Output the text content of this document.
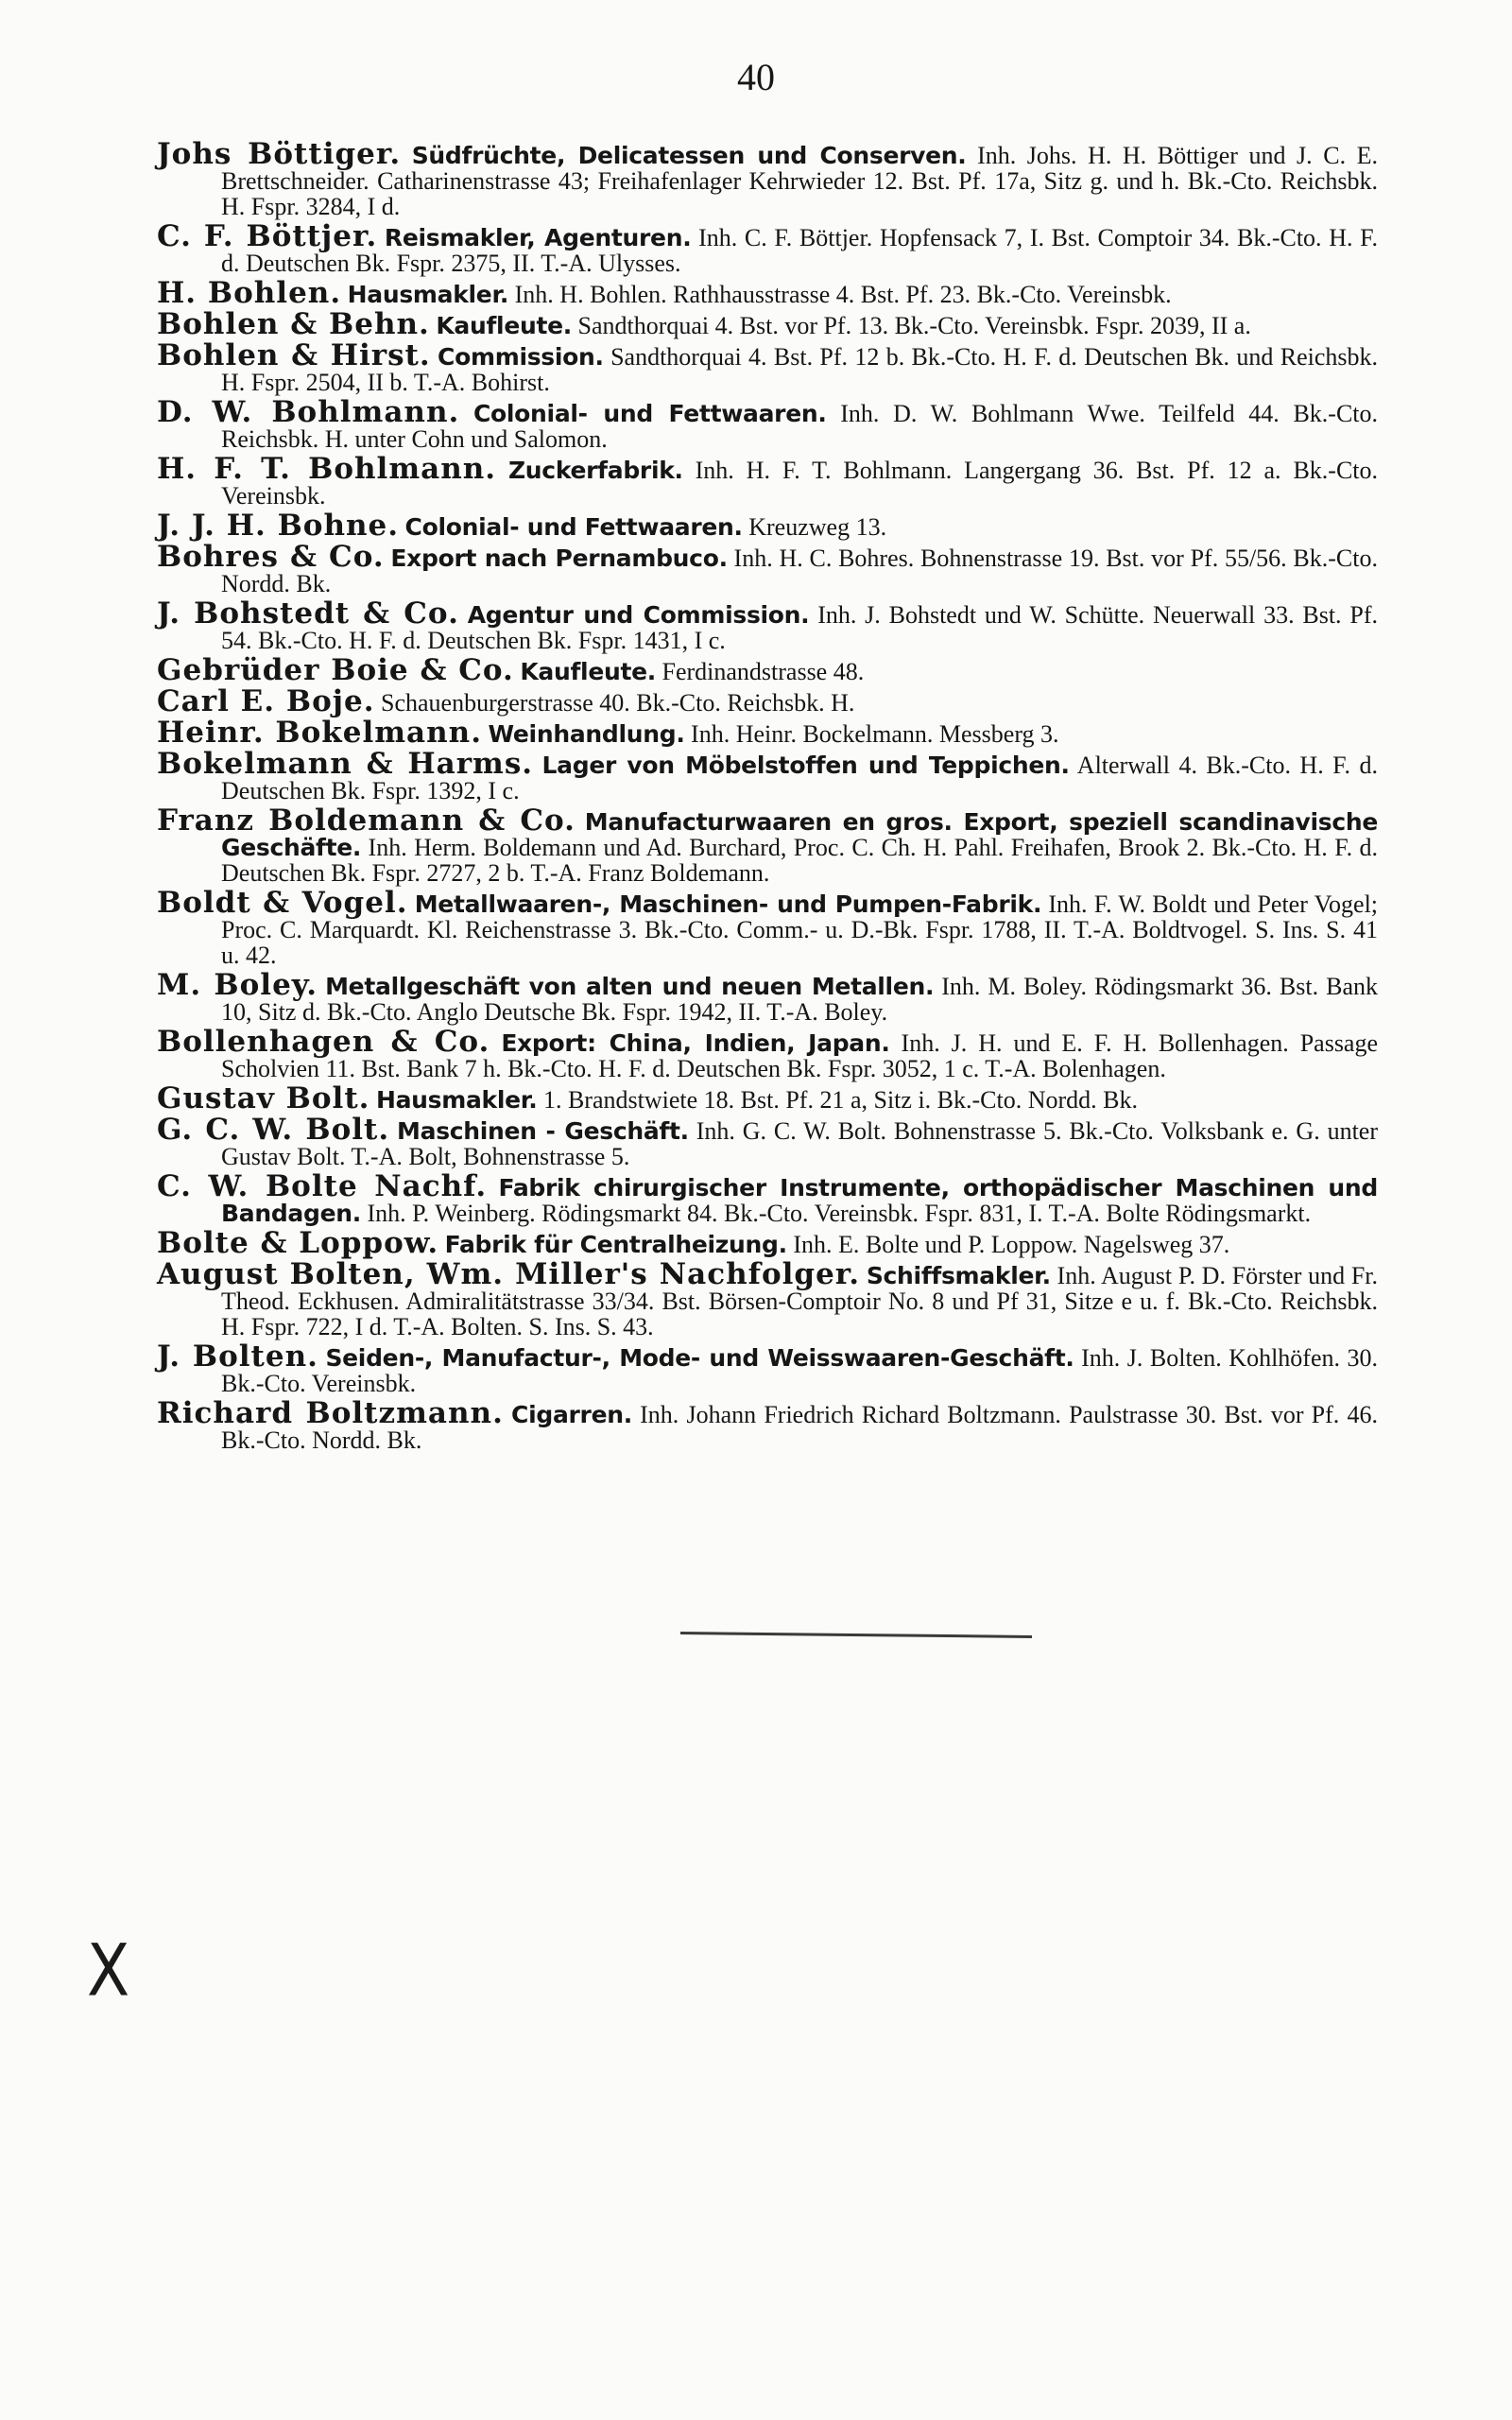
40
X
Johs Böttiger. Südfrüchte, Delicatessen und Conserven. Inh. Johs. H. H. Böttiger und J. C. E. Brettschneider. Catharinenstrasse 43; Freihafenlager Kehrwieder 12. Bst. Pf. 17a, Sitz g. und h. Bk.-Cto. Reichsbk. H. Fspr. 3284, I d.
C. F. Böttjer. Reismakler, Agenturen. Inh. C. F. Böttjer. Hopfensack 7, I. Bst. Comptoir 34. Bk.-Cto. H. F. d. Deutschen Bk. Fspr. 2375, II. T.-A. Ulysses.
H. Bohlen. Hausmakler. Inh. H. Bohlen. Rathhausstrasse 4. Bst. Pf. 23. Bk.-Cto. Vereinsbk.
Bohlen & Behn. Kaufleute. Sandthorquai 4. Bst. vor Pf. 13. Bk.-Cto. Vereinsbk. Fspr. 2039, II a.
Bohlen & Hirst. Commission. Sandthorquai 4. Bst. Pf. 12 b. Bk.-Cto. H. F. d. Deutschen Bk. und Reichsbk. H. Fspr. 2504, II b. T.-A. Bohirst.
D. W. Bohlmann. Colonial- und Fettwaaren. Inh. D. W. Bohlmann Wwe. Teilfeld 44. Bk.-Cto. Reichsbk. H. unter Cohn und Salomon.
H. F. T. Bohlmann. Zuckerfabrik. Inh. H. F. T. Bohlmann. Langergang 36. Bst. Pf. 12 a. Bk.-Cto. Vereinsbk.
J. J. H. Bohne. Colonial- und Fettwaaren. Kreuzweg 13.
Bohres & Co. Export nach Pernambuco. Inh. H. C. Bohres. Bohnenstrasse 19. Bst. vor Pf. 55/56. Bk.-Cto. Nordd. Bk.
J. Bohstedt & Co. Agentur und Commission. Inh. J. Bohstedt und W. Schütte. Neuerwall 33. Bst. Pf. 54. Bk.-Cto. H. F. d. Deutschen Bk. Fspr. 1431, I c.
Gebrüder Boie & Co. Kaufleute. Ferdinandstrasse 48.
Carl E. Boje. Schauenburgerstrasse 40. Bk.-Cto. Reichsbk. H.
Heinr. Bokelmann. Weinhandlung. Inh. Heinr. Bockelmann. Messberg 3.
Bokelmann & Harms. Lager von Möbelstoffen und Teppichen. Alterwall 4. Bk.-Cto. H. F. d. Deutschen Bk. Fspr. 1392, I c.
Franz Boldemann & Co. Manufacturwaaren en gros. Export, speziell scandinavische Geschäfte. Inh. Herm. Boldemann und Ad. Burchard, Proc. C. Ch. H. Pahl. Freihafen, Brook 2. Bk.-Cto. H. F. d. Deutschen Bk. Fspr. 2727, 2 b. T.-A. Franz Boldemann.
Boldt & Vogel. Metallwaaren-, Maschinen- und Pumpen-Fabrik. Inh. F. W. Boldt und Peter Vogel; Proc. C. Marquardt. Kl. Reichenstrasse 3. Bk.-Cto. Comm.- u. D.-Bk. Fspr. 1788, II. T.-A. Boldtvogel. S. Ins. S. 41 u. 42.
M. Boley. Metallgeschäft von alten und neuen Metallen. Inh. M. Boley. Rödingsmarkt 36. Bst. Bank 10, Sitz d. Bk.-Cto. Anglo Deutsche Bk. Fspr. 1942, II. T.-A. Boley.
Bollenhagen & Co. Export: China, Indien, Japan. Inh. J. H. und E. F. H. Bollenhagen. Passage Scholvien 11. Bst. Bank 7 h. Bk.-Cto. H. F. d. Deutschen Bk. Fspr. 3052, 1 c. T.-A. Bolenhagen.
Gustav Bolt. Hausmakler. 1. Brandstwiete 18. Bst. Pf. 21 a, Sitz i. Bk.-Cto. Nordd. Bk.
G. C. W. Bolt. Maschinen - Geschäft. Inh. G. C. W. Bolt. Bohnenstrasse 5. Bk.-Cto. Volksbank e. G. unter Gustav Bolt. T.-A. Bolt, Bohnenstrasse 5.
C. W. Bolte Nachf. Fabrik chirurgischer Instrumente, orthopädischer Maschinen und Bandagen. Inh. P. Weinberg. Rödingsmarkt 84. Bk.-Cto. Vereinsbk. Fspr. 831, I. T.-A. Bolte Rödingsmarkt.
Bolte & Loppow. Fabrik für Centralheizung. Inh. E. Bolte und P. Loppow. Nagelsweg 37.
August Bolten, Wm. Miller's Nachfolger. Schiffsmakler. Inh. August P. D. Förster und Fr. Theod. Eckhusen. Admiralitätstrasse 33/34. Bst. Börsen-Comptoir No. 8 und Pf 31, Sitze e u. f. Bk.-Cto. Reichsbk. H. Fspr. 722, I d. T.-A. Bolten. S. Ins. S. 43.
J. Bolten. Seiden-, Manufactur-, Mode- und Weisswaaren-Geschäft. Inh. J. Bolten. Kohlhöfen. 30. Bk.-Cto. Vereinsbk.
Richard Boltzmann. Cigarren. Inh. Johann Friedrich Richard Boltzmann. Paulstrasse 30. Bst. vor Pf. 46. Bk.-Cto. Nordd. Bk.
